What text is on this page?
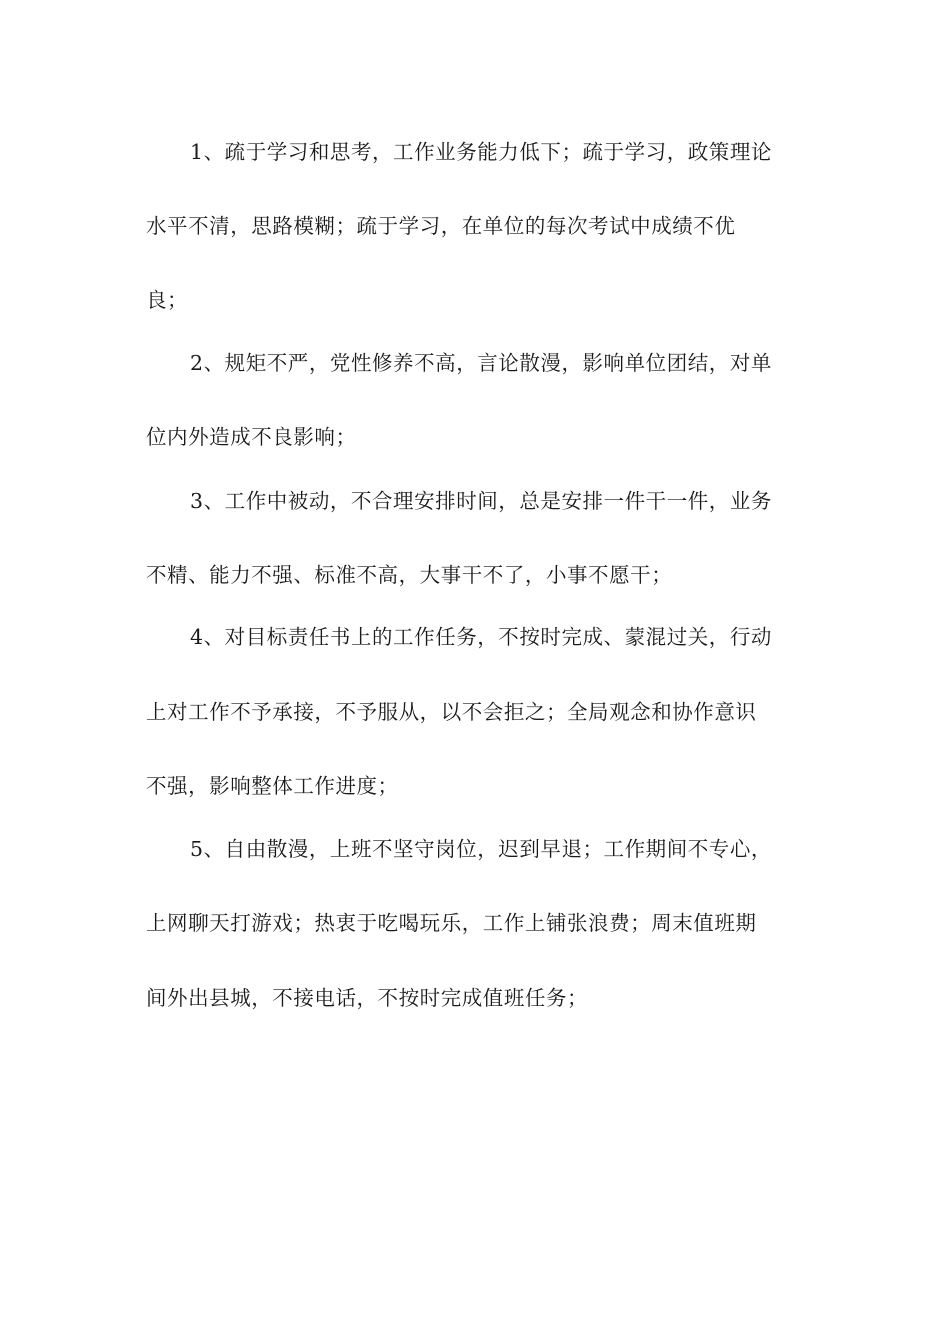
1、疏于学习和思考，工作业务能力低下；疏于学习，政策理论
水平不清，思路模糊；疏于学习，在单位的每次考试中成绩不优
良；
2、规矩不严，党性修养不高，言论散漫，影响单位团结，对单
位内外造成不良影响；
3、工作中被动，不合理安排时间，总是安排一件干一件，业务
不精、能力不强、标准不高，大事干不了，小事不愿干；
4、对目标责任书上的工作任务，不按时完成、蒙混过关，行动
上对工作不予承接，不予服从，以不会拒之；全局观念和协作意识
不强，影响整体工作进度；
5、自由散漫，上班不坚守岗位，迟到早退；工作期间不专心，
上网聊天打游戏；热衷于吃喝玩乐，工作上铺张浪费；周末值班期
间外出县城，不接电话，不按时完成值班任务；
